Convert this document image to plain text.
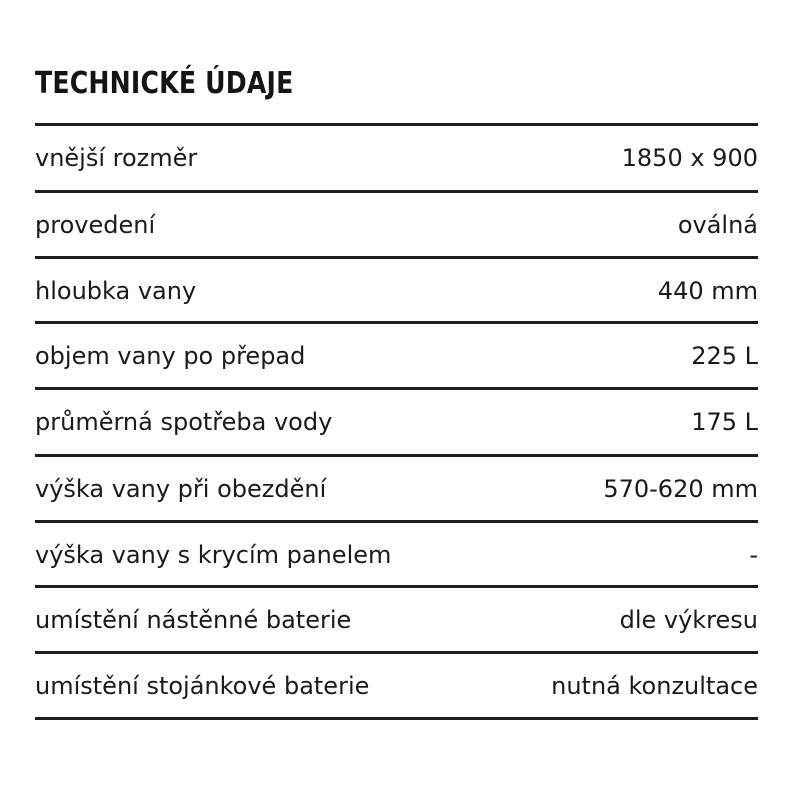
TECHNICKÉ ÚDAJE
vnější rozměr	1850 x 900
provedení	oválná
hloubka vany	440 mm
objem vany po přepad	225 L
průměrná spotřeba vody	175 L
výška vany při obezdění	570-620 mm
výška vany s krycím panelem	-
umístění nástěnné baterie	dle výkresu
umístění stojánkové baterie	nutná konzultace
